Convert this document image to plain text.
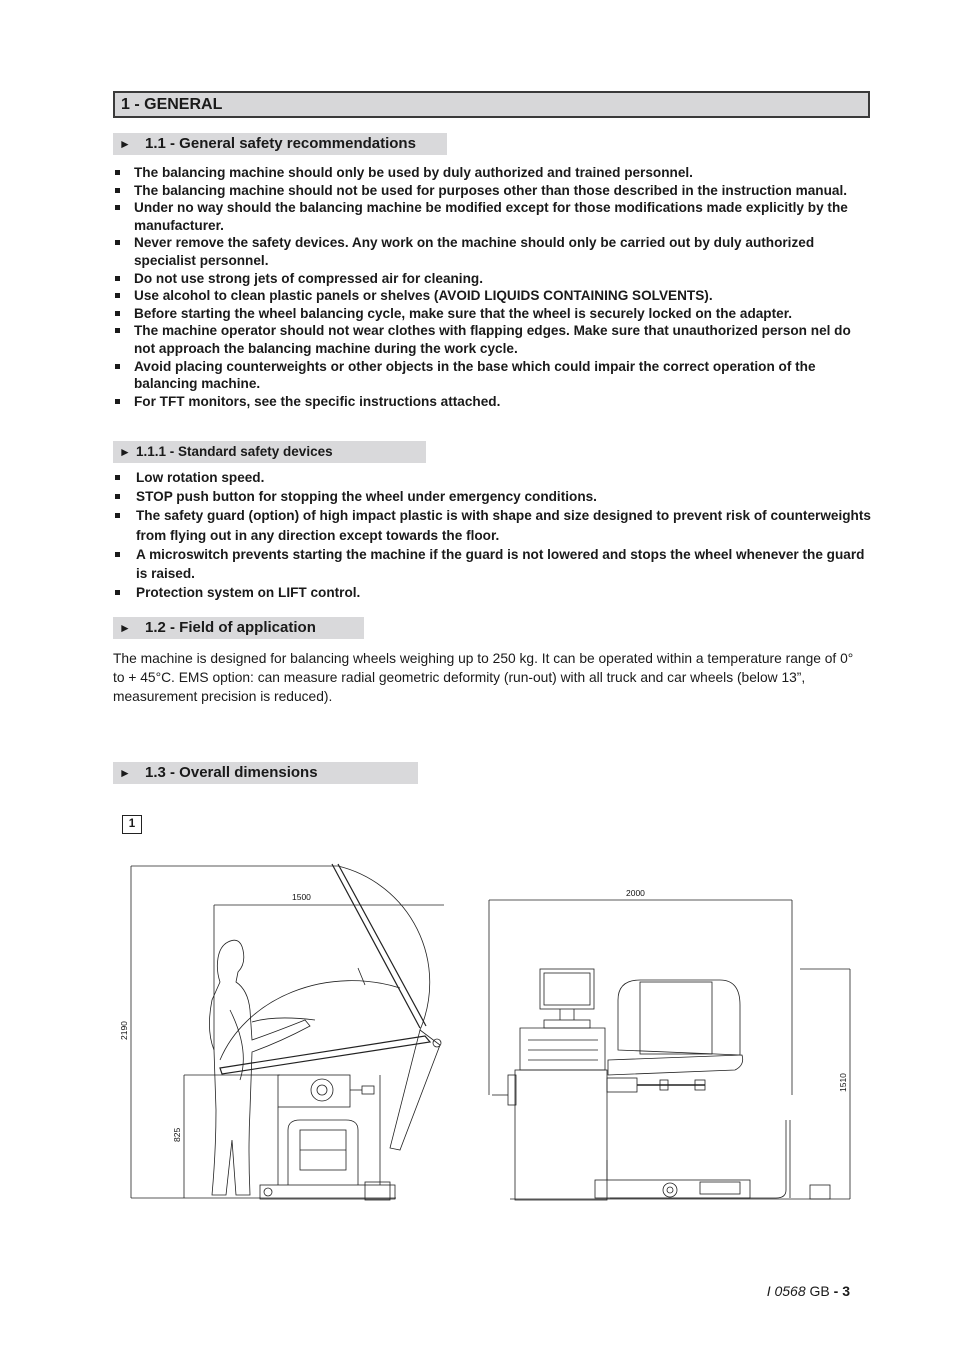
1 - GENERAL
► 1.1 - General safety recommendations
The balancing machine should only be used by duly authorized and trained personnel.
The balancing machine should not be used for purposes other than those described in the instruction manual.
Under no way should the balancing machine be modified except for those modifications made explicitly by the manufacturer.
Never remove the safety devices. Any work on the machine should only be carried out by duly authorized specialist personnel.
Do not use strong jets of compressed air for cleaning.
Use alcohol to clean plastic panels or shelves (AVOID LIQUIDS CONTAINING SOLVENTS).
Before starting the wheel balancing cycle, make sure that the wheel is securely locked on the adapter.
The machine operator should not wear clothes with flapping edges. Make sure that unauthorized person nel do not approach the balancing machine during the work cycle.
Avoid placing counterweights or other objects in the base which could impair the correct operation of the balancing machine.
For TFT monitors, see the specific instructions attached.
► 1.1.1 - Standard safety devices
Low rotation speed.
STOP push button for stopping the wheel under emergency conditions.
The safety guard (option) of high impact plastic is with shape and size designed to prevent risk of counterweights from flying out in any direction except towards the floor.
A microswitch prevents starting the machine if the guard is not lowered and stops the wheel whenever the guard is raised.
Protection system on LIFT control.
► 1.2 - Field of application
The machine is designed for balancing wheels weighing up to 250 kg. It can be operated within a temperature range of 0° to + 45°C. EMS option: can measure radial geometric deformity (run-out) with all truck and car wheels (below 13”, measurement precision is reduced).
► 1.3 - Overall dimensions
1
2190
825
1500	2000
1510
I 0568 GB - 3
